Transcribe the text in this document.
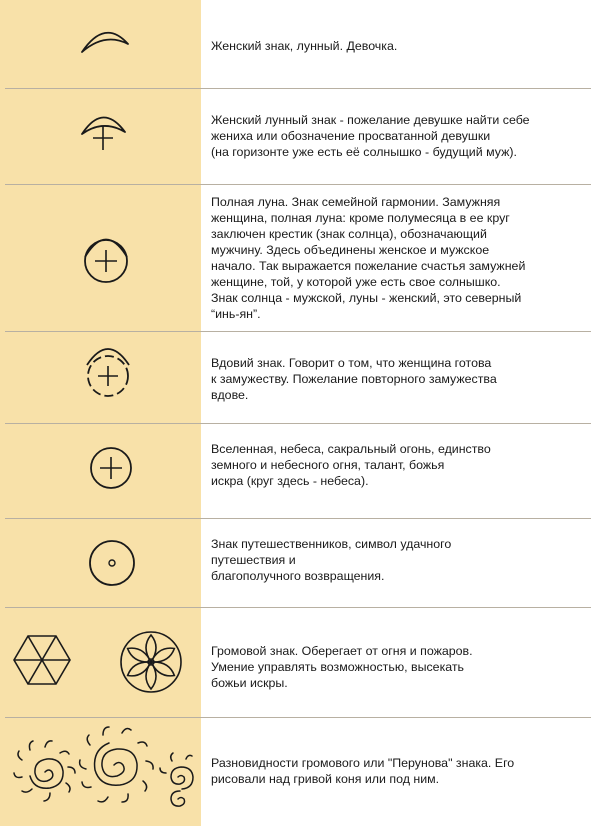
Женский знак, лунный. Девочка.
Женский лунный знак - пожелание девушке найти себе
жениха или обозначение просватанной девушки
(на горизонте уже есть её солнышко - будущий муж).
Полная луна. Знак семейной гармонии. Замужняя
женщина, полная луна: кроме полумесяца в ее круг
заключен крестик (знак солнца), обозначающий
мужчину. Здесь объединены женское и мужское
начало. Так выражается пожелание счастья замужней
женщине, той, у которой уже есть свое солнышко.
Знак солнца - мужской, луны - женский, это северный
“инь-ян”.
Вдовий знак. Говорит о том, что женщина готова
к замужеству. Пожелание повторного замужества
вдове.
Вселенная, небеса, сакральный огонь, единство
земного и небесного огня, талант, божья
искра (круг здесь - небеса).
Знак путешественников, символ удачного
путешествия и
благополучного возвращения.
Громовой знак. Оберегает от огня и пожаров.
Умение управлять возможностью, высекать
божьи искры.
Разновидности громового или "Перунова" знака. Его
рисовали над гривой коня или под ним.
